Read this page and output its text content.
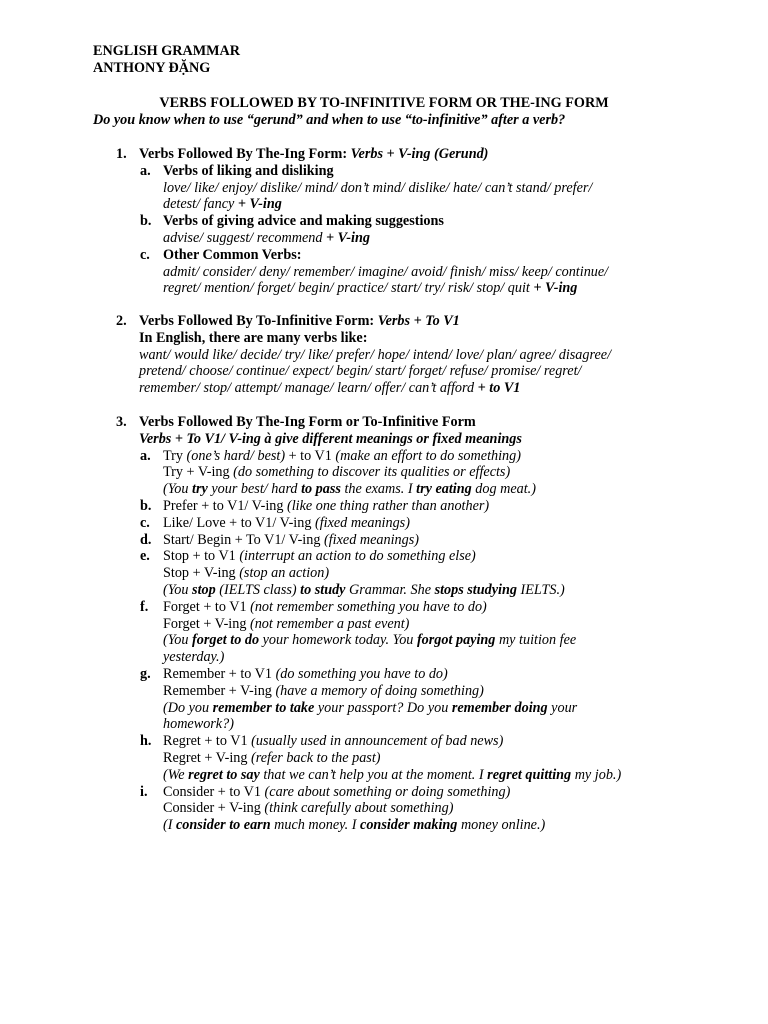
ENGLISH GRAMMAR
ANTHONY ĐẶNG
VERBS FOLLOWED BY TO-INFINITIVE FORM OR THE-ING FORM
Do you know when to use “gerund” and when to use “to-infinitive” after a verb?
1. Verbs Followed By The-Ing Form: Verbs + V-ing (Gerund)
a. Verbs of liking and disliking
love/ like/ enjoy/ dislike/ mind/ don’t mind/ dislike/ hate/ can’t stand/ prefer/
detest/ fancy + V-ing
b. Verbs of giving advice and making suggestions
advise/ suggest/ recommend + V-ing
c. Other Common Verbs:
admit/ consider/ deny/ remember/ imagine/ avoid/ finish/ miss/ keep/ continue/
regret/ mention/ forget/ begin/ practice/ start/ try/ risk/ stop/ quit + V-ing
2. Verbs Followed By To-Infinitive Form: Verbs + To V1
In English, there are many verbs like:
want/ would like/ decide/ try/ like/ prefer/ hope/ intend/ love/ plan/ agree/ disagree/
pretend/ choose/ continue/ expect/ begin/ start/ forget/ refuse/ promise/ regret/
remember/ stop/ attempt/ manage/ learn/ offer/ can’t afford + to V1
3. Verbs Followed By The-Ing Form or To-Infinitive Form
Verbs + To V1/ V-ing à give different meanings or fixed meanings
a. Try (one’s hard/ best) + to V1 (make an effort to do something)
Try + V-ing (do something to discover its qualities or effects)
(You try your best/ hard to pass the exams. I try eating dog meat.)
b. Prefer + to V1/ V-ing (like one thing rather than another)
c. Like/ Love + to V1/ V-ing (fixed meanings)
d. Start/ Begin + To V1/ V-ing (fixed meanings)
e. Stop + to V1 (interrupt an action to do something else)
Stop + V-ing (stop an action)
(You stop (IELTS class) to study Grammar. She stops studying IELTS.)
f. Forget + to V1 (not remember something you have to do)
Forget + V-ing (not remember a past event)
(You forget to do your homework today. You forgot paying my tuition fee
yesterday.)
g. Remember + to V1 (do something you have to do)
Remember + V-ing (have a memory of doing something)
(Do you remember to take your passport? Do you remember doing your
homework?)
h. Regret + to V1 (usually used in announcement of bad news)
Regret + V-ing (refer back to the past)
(We regret to say that we can’t help you at the moment. I regret quitting my job.)
i. Consider + to V1 (care about something or doing something)
Consider + V-ing (think carefully about something)
(I consider to earn much money. I consider making money online.)
